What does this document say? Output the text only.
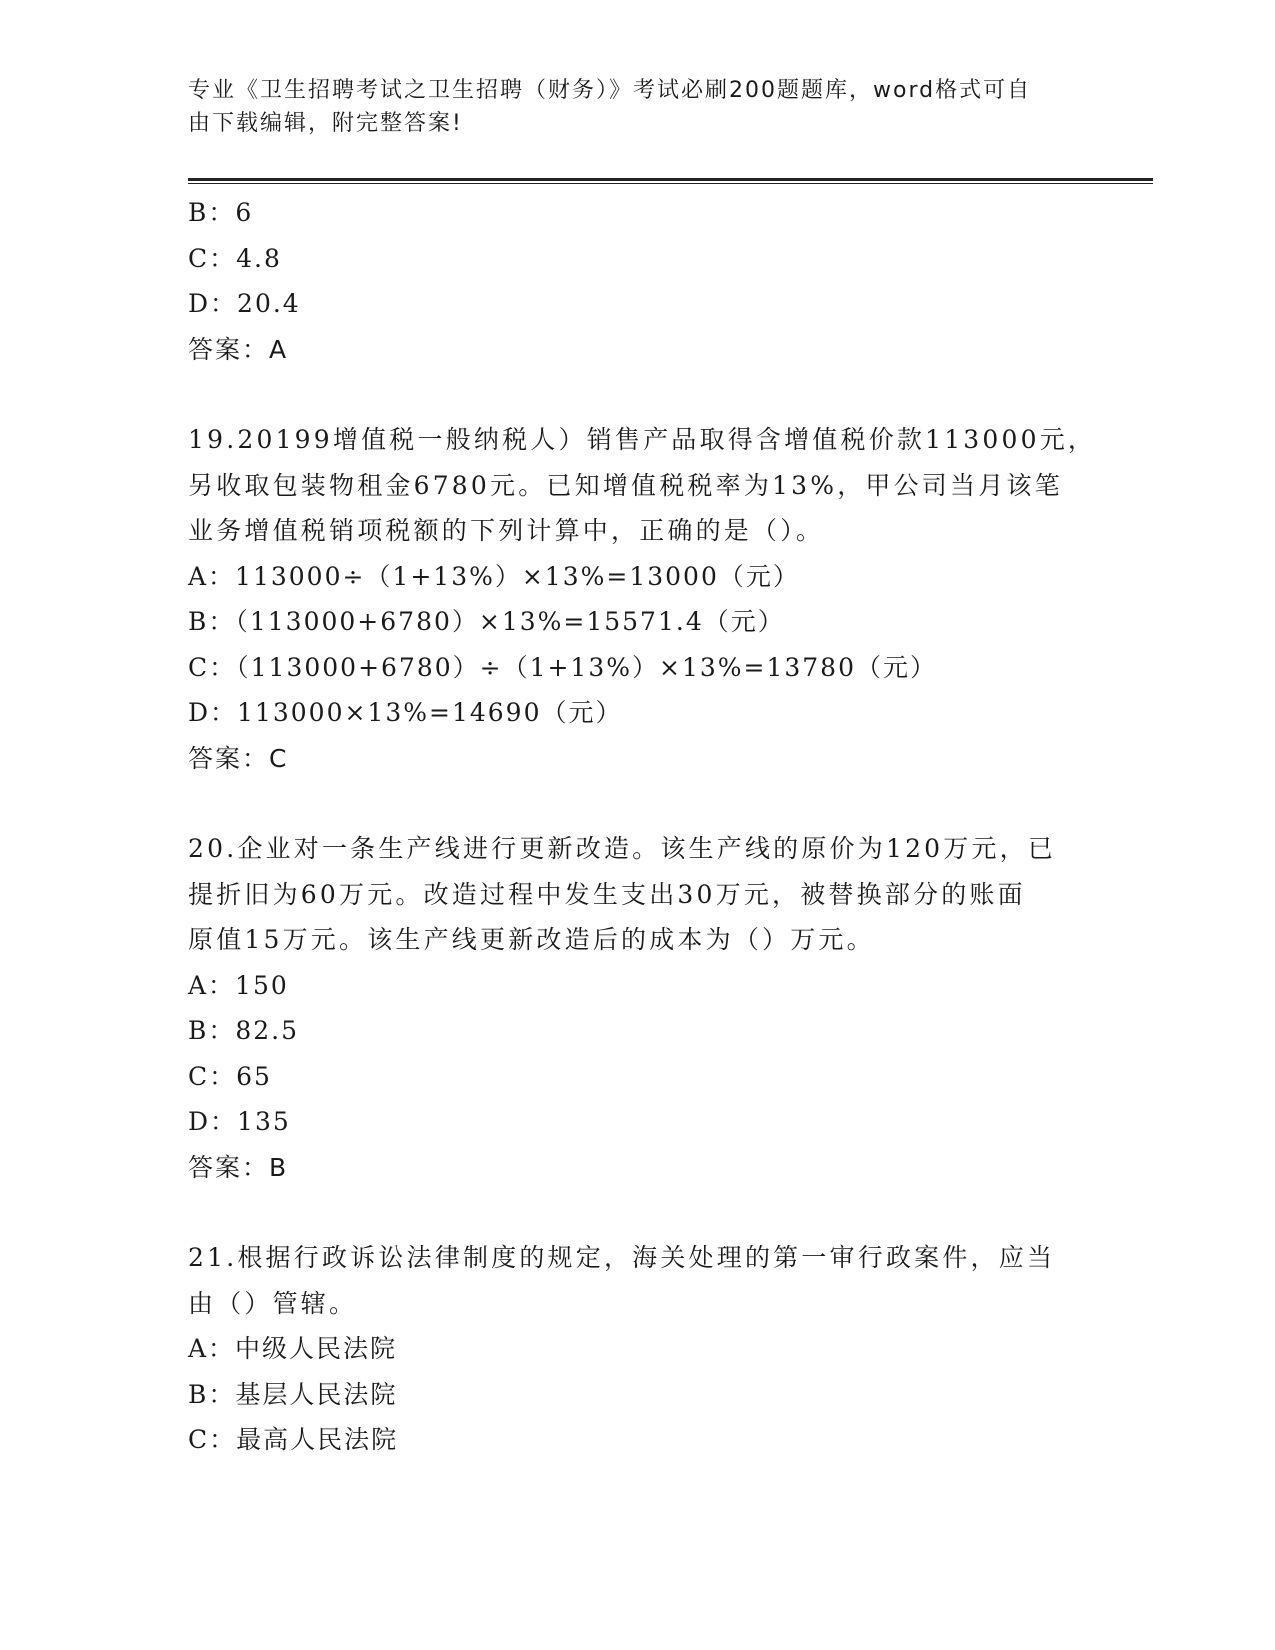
专业《卫生招聘考试之卫生招聘（财务）》考试必刷200题题库，word格式可自
由下载编辑，附完整答案!
B：6
C：4.8
D：20.4
答案：A
19.20199增值税一般纳税人）销售产品取得含增值税价款113000元，
另收取包装物租金6780元。已知增值税税率为13%，甲公司当月该笔
业务增值税销项税额的下列计算中，正确的是（）。
A：113000÷（1+13%）×13%=13000（元）
B：（113000+6780）×13%=15571.4（元）
C：（113000+6780）÷（1+13%）×13%=13780（元）
D：113000×13%=14690（元）
答案：C
20.企业对一条生产线进行更新改造。该生产线的原价为120万元，已
提折旧为60万元。改造过程中发生支出30万元，被替换部分的账面
原值15万元。该生产线更新改造后的成本为（）万元。
A：150
B：82.5
C：65
D：135
答案：B
21.根据行政诉讼法律制度的规定，海关处理的第一审行政案件，应当
由（）管辖。
A：中级人民法院
B：基层人民法院
C：最高人民法院
